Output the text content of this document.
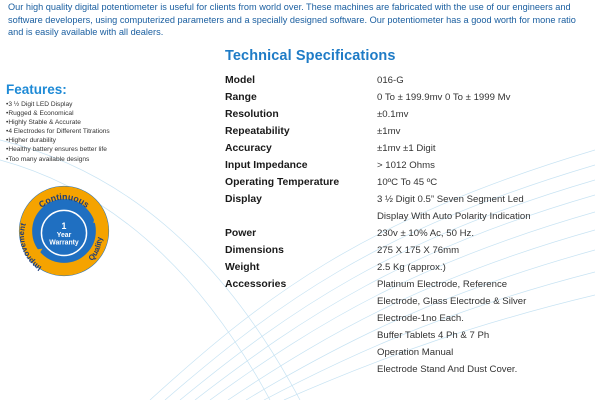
Our high quality digital potentiometer is useful for clients from world over. These machines are fabricated with the use of our engineers and software developers, using computerized parameters and a specially designed software. Our potentiometer has a good worth for mone ratio and is easily available with all dealers.

Technical Specifications
Features:
• 3 ½ Digit LED Display
• Rugged & Economical
• Highly Stable & Accurate
• 4 Electrodes for Different Titrations
• Higher durability
• Healthy battery ensures better life
• Too many available designs
Continuous
Improvement
Quality
1
Year
Warranty
Model	016-G
Range	0 To ± 199.9mv 0 To ± 1999 Mv
Resolution	±0.1mv
Repeatability	±1mv
Accuracy	±1mv ±1 Digit
Input Impedance	> 1012 Ohms
Operating Temperature	10ºC To 45 ºC
Display	3 ½ Digit 0.5” Seven Segment Led
	Display With Auto Polarity Indication
Power	230v ± 10% Ac, 50 Hz.
Dimensions	275 X 175 X 76mm
Weight	2.5 Kg (approx.)
Accessories	Platinum Electrode, Reference
	Electrode, Glass Electrode & Silver
	Electrode-1no Each.
	Buffer Tablets 4 Ph & 7 Ph
	Operation Manual
	Electrode Stand And Dust Cover.
